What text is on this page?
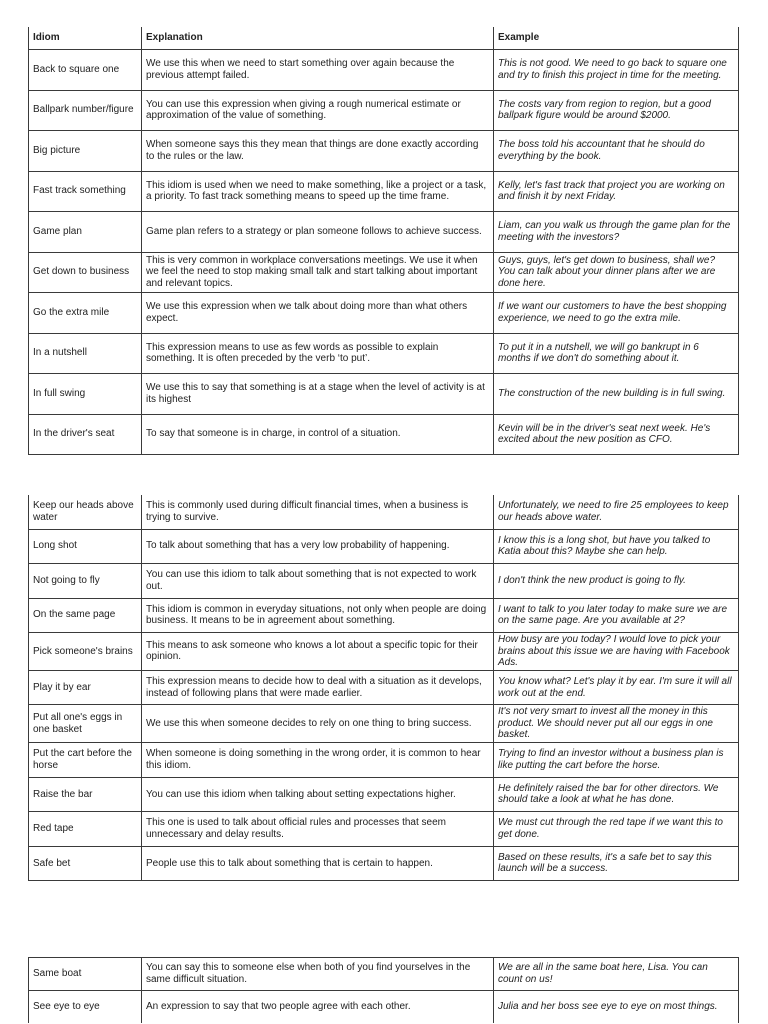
Idiom	Explanation	Example
Back to square one	We use this when we need to start something over again because the previous attempt failed.	This is not good. We need to go back to square one and try to finish this project in time for the meeting.
Ballpark number/figure	You can use this expression when giving a rough numerical estimate or approximation of the value of something.	The costs vary from region to region, but a good ballpark figure would be around $2000.
Big picture	When someone says this they mean that things are done exactly according to the rules or the law.	The boss told his accountant that he should do everything by the book.
Fast track something	This idiom is used when we need to make something, like a project or a task, a priority. To fast track something means to speed up the time frame.	Kelly, let's fast track that project you are working on and finish it by next Friday.
Game plan	Game plan refers to a strategy or plan someone follows to achieve success.	Liam, can you walk us through the game plan for the meeting with the investors?
Get down to business	This is very common in workplace conversations meetings. We use it when we feel the need to stop making small talk and start talking about important and relevant topics.	Guys, guys, let's get down to business, shall we? You can talk about your dinner plans after we are done here.
Go the extra mile	We use this expression when we talk about doing more than what others expect.	If we want our customers to have the best shopping experience, we need to go the extra mile.
In a nutshell	This expression means to use as few words as possible to explain something. It is often preceded by the verb ‘to put’.	To put it in a nutshell, we will go bankrupt in 6 months if we don't do something about it.
In full swing	We use this to say that something is at a stage when the level of activity is at its highest	The construction of the new building is in full swing.
In the driver's seat	To say that someone is in charge, in control of a situation.	Kevin will be in the driver's seat next week. He's excited about the new position as CFO.
Keep our heads above water	This is commonly used during difficult financial times, when a business is trying to survive.	Unfortunately, we need to fire 25 employees to keep our heads above water.
Long shot	To talk about something that has a very low probability of happening.	I know this is a long shot, but have you talked to Katia about this? Maybe she can help.
Not going to fly	You can use this idiom to talk about something that is not expected to work out.	I don't think the new product is going to fly.
On the same page	This idiom is common in everyday situations, not only when people are doing business. It means to be in agreement about something.	I want to talk to you later today to make sure we are on the same page. Are you available at 2?
Pick someone's brains	This means to ask someone who knows a lot about a specific topic for their opinion.	How busy are you today? I would love to pick your brains about this issue we are having with Facebook Ads.
Play it by ear	This expression means to decide how to deal with a situation as it develops, instead of following plans that were made earlier.	You know what? Let's play it by ear. I'm sure it will all work out at the end.
Put all one's eggs in one basket	We use this when someone decides to rely on one thing to bring success.	It's not very smart to invest all the money in this product. We should never put all our eggs in one basket.
Put the cart before the horse	When someone is doing something in the wrong order, it is common to hear this idiom.	Trying to find an investor without a business plan is like putting the cart before the horse.
Raise the bar	You can use this idiom when talking about setting expectations higher.	He definitely raised the bar for other directors. We should take a look at what he has done.
Red tape	This one is used to talk about official rules and processes that seem unnecessary and delay results.	We must cut through the red tape if we want this to get done.
Safe bet	People use this to talk about something that is certain to happen.	Based on these results, it's a safe bet to say this launch will be a success.
Same boat	You can say this to someone else when both of you find yourselves in the same difficult situation.	We are all in the same boat here, Lisa. You can count on us!
See eye to eye	An expression to say that two people agree with each other.	Julia and her boss see eye to eye on most things.
